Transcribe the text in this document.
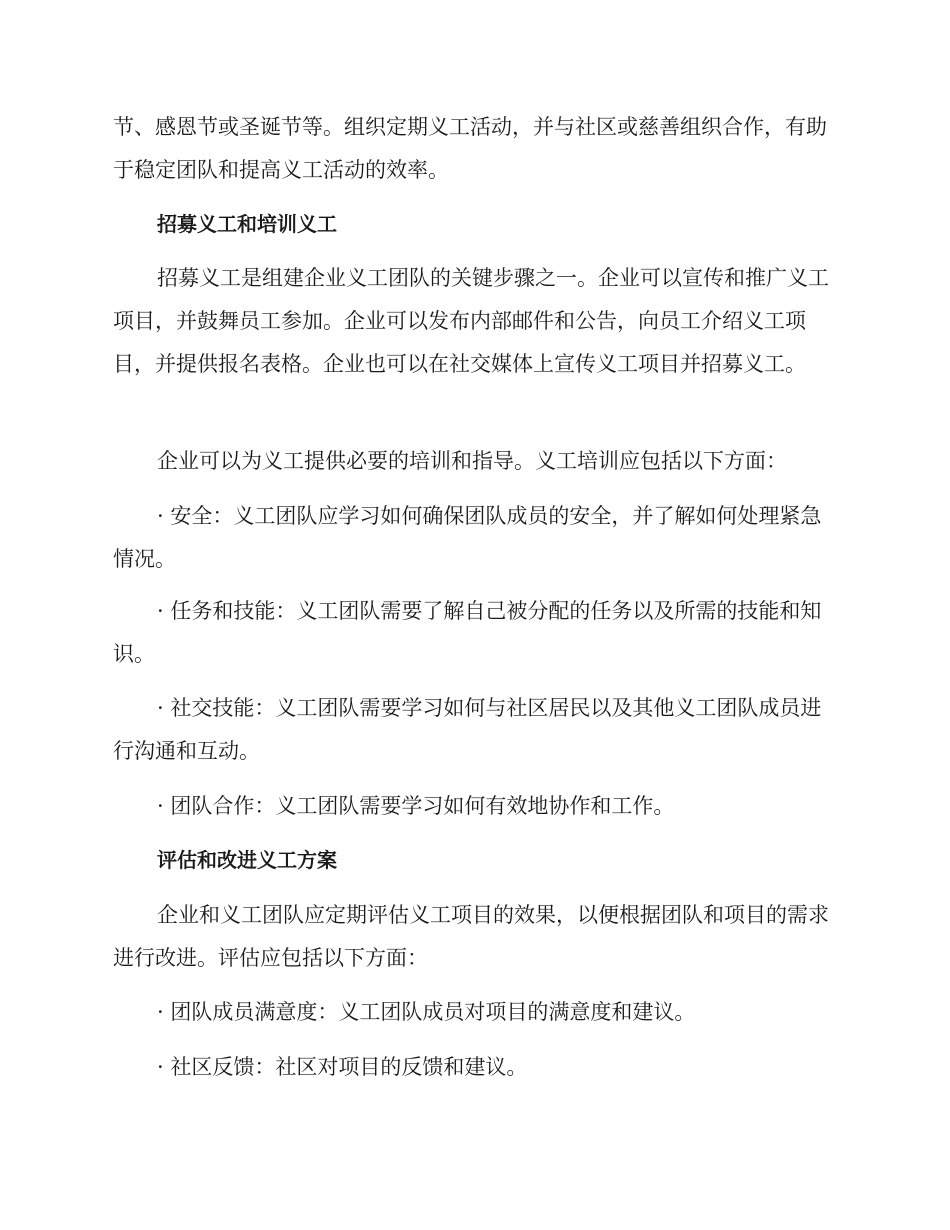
节、感恩节或圣诞节等。组织定期义工活动，并与社区或慈善组织合作，有助于稳定团队和提高义工活动的效率。

招募义工和培训义工

招募义工是组建企业义工团队的关键步骤之一。企业可以宣传和推广义工项目，并鼓舞员工参加。企业可以发布内部邮件和公告，向员工介绍义工项目，并提供报名表格。企业也可以在社交媒体上宣传义工项目并招募义工。

企业可以为义工提供必要的培训和指导。义工培训应包括以下方面：

· 安全：义工团队应学习如何确保团队成员的安全，并了解如何处理紧急情况。

· 任务和技能：义工团队需要了解自己被分配的任务以及所需的技能和知识。

· 社交技能：义工团队需要学习如何与社区居民以及其他义工团队成员进行沟通和互动。

· 团队合作：义工团队需要学习如何有效地协作和工作。

评估和改进义工方案

企业和义工团队应定期评估义工项目的效果，以便根据团队和项目的需求进行改进。评估应包括以下方面：

· 团队成员满意度：义工团队成员对项目的满意度和建议。

· 社区反馈：社区对项目的反馈和建议。
